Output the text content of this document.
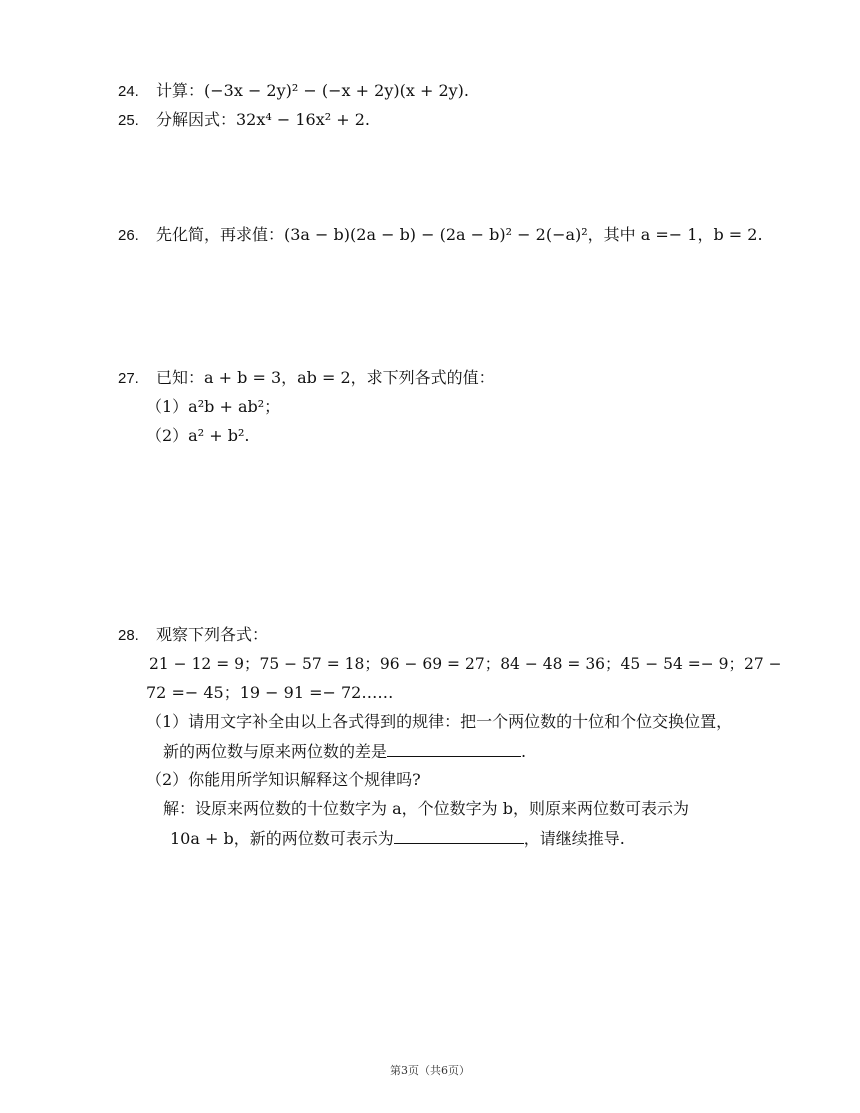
24. 计算：(−3x − 2y)² − (−x + 2y)(x + 2y).
25. 分解因式：32x⁴ − 16x² + 2.
26. 先化简，再求值：(3a − b)(2a − b) − (2a − b)² − 2(−a)²，其中 a =− 1，b = 2.
27. 已知：a + b = 3，ab = 2，求下列各式的值：
（1）a²b + ab²；
（2）a² + b².
28. 观察下列各式：
21 − 12 = 9；75 − 57 = 18；96 − 69 = 27；84 − 48 = 36；45 − 54 =− 9；27 −
72 =− 45；19 − 91 =− 72……
（1）请用文字补全由以上各式得到的规律：把一个两位数的十位和个位交换位置，
新的两位数与原来两位数的差是	.
（2）你能用所学知识解释这个规律吗?
解：设原来两位数的十位数字为 a，个位数字为 b，则原来两位数可表示为
10a + b，新的两位数可表示为	，请继续推导.
第3页（共6页）
